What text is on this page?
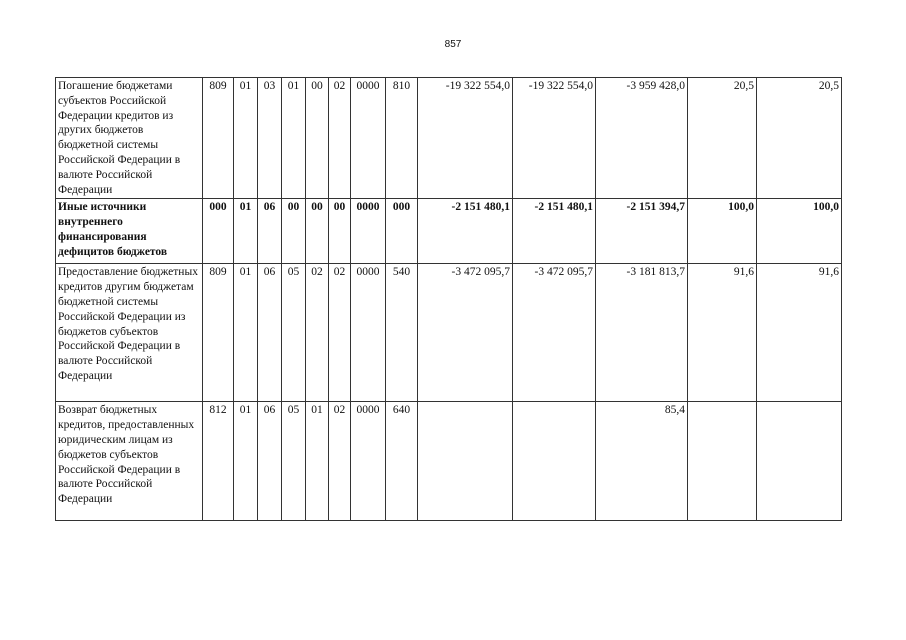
857
Погашение бюджетами субъектов Российской Федерации кредитов из других бюджетов бюджетной системы Российской Федерации в валюте Российской Федерации	809	01	03	01	00	02	0000	810	-19 322 554,0	-19 322 554,0	-3 959 428,0	20,5	20,5
Иные источники внутреннего финансирования дефицитов бюджетов	000	01	06	00	00	00	0000	000	-2 151 480,1	-2 151 480,1	-2 151 394,7	100,0	100,0
Предоставление бюджетных кредитов другим бюджетам бюджетной системы Российской Федерации из бюджетов субъектов Российской Федерации в валюте Российской Федерации	809	01	06	05	02	02	0000	540	-3 472 095,7	-3 472 095,7	-3 181 813,7	91,6	91,6
Возврат бюджетных кредитов, предоставленных юридическим лицам из бюджетов субъектов Российской Федерации в валюте Российской Федерации	812	01	06	05	01	02	0000	640			85,4		
